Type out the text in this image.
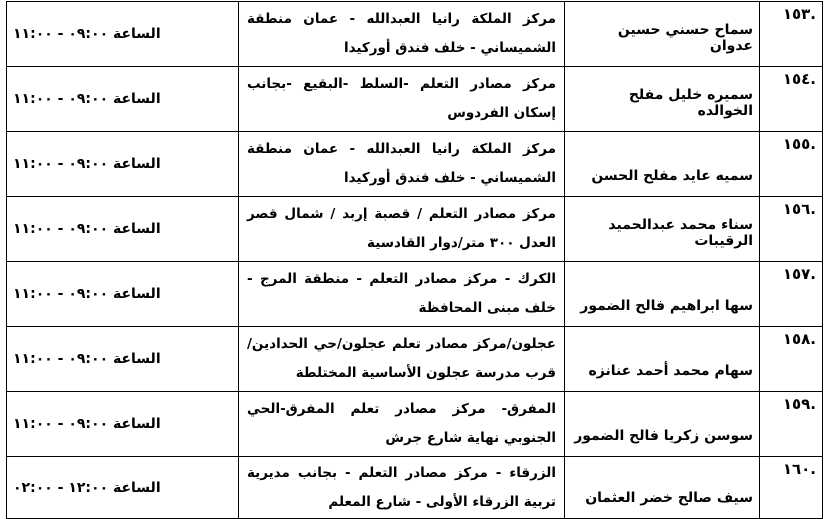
.١٥٣	سماح حسني حسين عدوان	مركز الملكة رانيا العبدالله - عمان منطقة الشميساني - خلف فندق أوركيدا	الساعة ٠٩:٠٠ - ١١:٠٠
.١٥٤	سميره خليل مفلح الخوالده	مركز مصادر التعلم -السلط -البقيع -بجانب إسكان الفردوس	الساعة ٠٩:٠٠ - ١١:٠٠
.١٥٥	سميه عايد مفلح الحسن	مركز الملكة رانيا العبدالله - عمان منطقة الشميساني - خلف فندق أوركيدا	الساعة ٠٩:٠٠ - ١١:٠٠
.١٥٦	سناء محمد عبدالحميد الرقيبات	مركز مصادر التعلم / قصبة إربد / شمال قصر العدل ٣٠٠ متر/دوار القادسية	الساعة ٠٩:٠٠ - ١١:٠٠
.١٥٧	سها ابراهيم فالح الضمور	الكرك - مركز مصادر التعلم - منطقة المرج - خلف مبنى المحافظة	الساعة ٠٩:٠٠ - ١١:٠٠
.١٥٨	سهام محمد أحمد عنانزه	عجلون/مركز مصادر تعلم عجلون/حي الحدادين/قرب مدرسة عجلون الأساسية المختلطة	الساعة ٠٩:٠٠ - ١١:٠٠
.١٥٩	سوسن زكريا فالح الضمور	المفرق- مركز مصادر تعلم المفرق-الحي الجنوبي نهاية شارع جرش	الساعة ٠٩:٠٠ - ١١:٠٠
.١٦٠	سيف صالح خضر العثمان	الزرقاء - مركز مصادر التعلم - بجانب مديرية تربية الزرقاء الأولى - شارع المعلم	الساعة ١٢:٠٠ - ٠٢:٠٠
